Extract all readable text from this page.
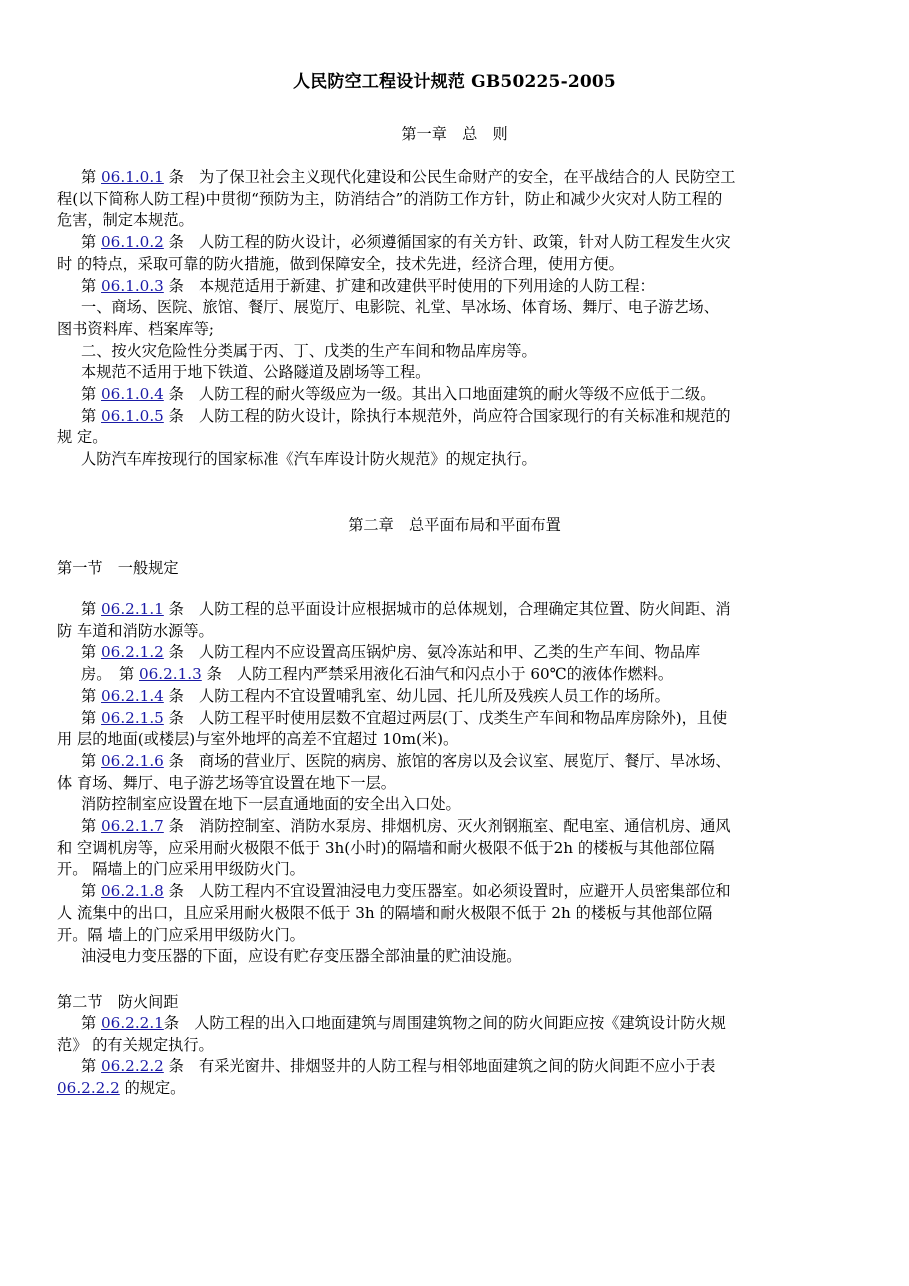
人民防空工程设计规范 GB50225-2005
第一章　总　则
第 06.1.0.1 条　为了保卫社会主义现代化建设和公民生命财产的安全，在平战结合的人 民防空工
程(以下简称人防工程)中贯彻“预防为主，防消结合”的消防工作方针，防止和减少火灾对人防工程的
危害，制定本规范。
第 06.1.0.2 条　人防工程的防火设计，必须遵循国家的有关方针、政策，针对人防工程发生火灾
时 的特点，采取可靠的防火措施，做到保障安全，技术先进，经济合理，使用方便。
第 06.1.0.3 条　本规范适用于新建、扩建和改建供平时使用的下列用途的人防工程：
一、商场、医院、旅馆、餐厅、展览厅、电影院、礼堂、旱冰场、体育场、舞厅、电子游艺场、
图书资料库、档案库等;
二、按火灾危险性分类属于丙、丁、戊类的生产车间和物品库房等。
本规范不适用于地下铁道、公路隧道及剧场等工程。
第 06.1.0.4 条　人防工程的耐火等级应为一级。其出入口地面建筑的耐火等级不应低于二级。
第 06.1.0.5 条　人防工程的防火设计，除执行本规范外，尚应符合国家现行的有关标准和规范的
规 定。
人防汽车库按现行的国家标准《汽车库设计防火规范》的规定执行。
第二章　总平面布局和平面布置
第一节　一般规定
第 06.2.1.1 条　人防工程的总平面设计应根据城市的总体规划，合理确定其位置、防火间距、消
防 车道和消防水源等。
第 06.2.1.2 条　人防工程内不应设置高压锅炉房、氨冷冻站和甲、乙类的生产车间、物品库
房。　第 06.2.1.3 条　人防工程内严禁采用液化石油气和闪点小于 60℃的液体作燃料。
第 06.2.1.4 条　人防工程内不宜设置哺乳室、幼儿园、托儿所及残疾人员工作的场所。
第 06.2.1.5 条　人防工程平时使用层数不宜超过两层(丁、戊类生产车间和物品库房除外)，且使
用 层的地面(或楼层)与室外地坪的高差不宜超过 10m(米)。
第 06.2.1.6 条　商场的营业厅、医院的病房、旅馆的客房以及会议室、展览厅、餐厅、旱冰场、
体 育场、舞厅、电子游艺场等宜设置在地下一层。
消防控制室应设置在地下一层直通地面的安全出入口处。
第 06.2.1.7 条　消防控制室、消防水泵房、排烟机房、灭火剂钢瓶室、配电室、通信机房、通风
和 空调机房等，应采用耐火极限不低于 3h(小时)的隔墙和耐火极限不低于2h 的楼板与其他部位隔
开。 隔墙上的门应采用甲级防火门。
第 06.2.1.8 条　人防工程内不宜设置油浸电力变压器室。如必须设置时，应避开人员密集部位和
人 流集中的出口，且应采用耐火极限不低于 3h 的隔墙和耐火极限不低于 2h 的楼板与其他部位隔
开。隔 墙上的门应采用甲级防火门。
油浸电力变压器的下面，应设有贮存变压器全部油量的贮油设施。
第二节　防火间距
第 06.2.2.1条　人防工程的出入口地面建筑与周围建筑物之间的防火间距应按《建筑设计防火规
范》 的有关规定执行。
第 06.2.2.2 条　有采光窗井、排烟竖井的人防工程与相邻地面建筑之间的防火间距不应小于表
06.2.2.2 的规定。
